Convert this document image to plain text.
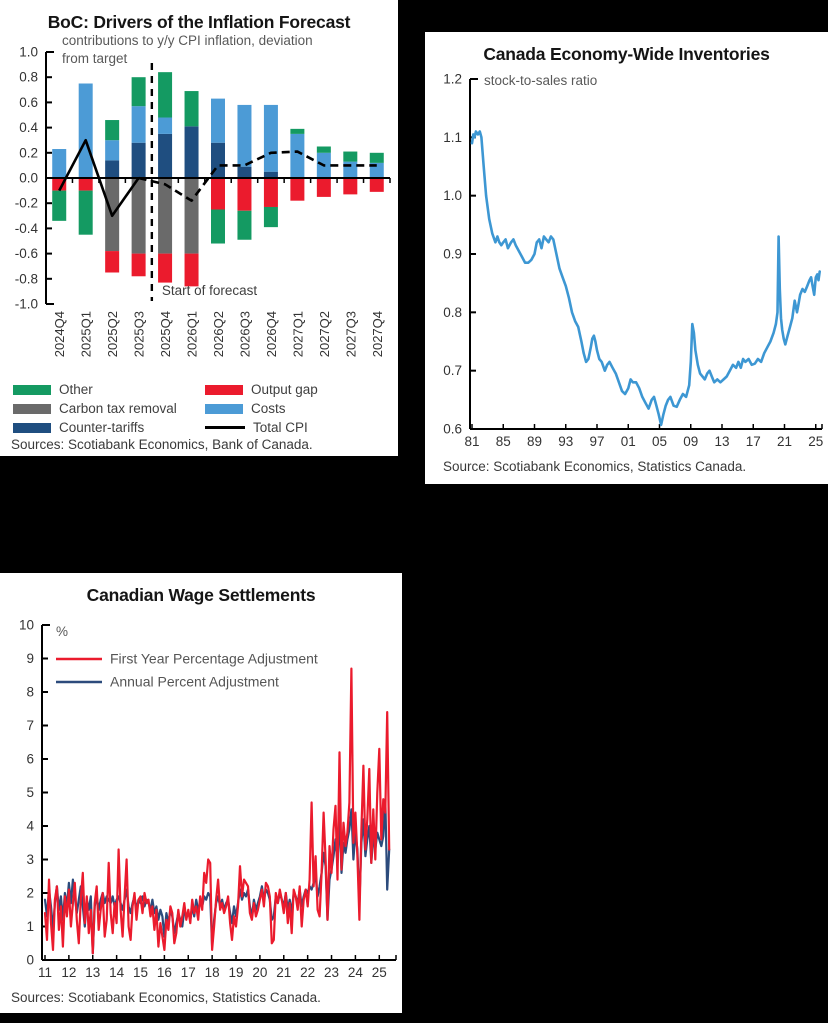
BoC: Drivers of the Inflation Forecast
contributions to y/y CPI inflation, deviation
from target
Start of forecast
1.0
0.8
0.6
0.4
0.2
0.0
-0.2
-0.4
-0.6
-0.8
-1.0
2024Q4 2025Q1 2025Q2 2025Q3 2025Q4 2026Q1 2026Q2 2026Q3 2026Q4 2027Q1 2027Q2 2027Q3 2027Q4
Other	Output gap
Carbon tax removal	Costs
Counter-tariffs	Total CPI
Sources: Scotiabank Economics, Bank of Canada.
Canada Economy-Wide Inventories
stock-to-sales ratio
0.6
0.7
0.8
0.9
1.0
1.1
1.2
81 85 89 93 97 01 05 09 13 17 21 25
Source: Scotiabank Economics, Statistics Canada.
Canadian Wage Settlements
%
0
1
2
3
4
5
6
7
8
9
10
11 12 13 14 15 16 17 18 19 20 21 22 23 24 25
First Year Percentage Adjustment
Annual Percent Adjustment
Sources: Scotiabank Economics, Statistics Canada.
